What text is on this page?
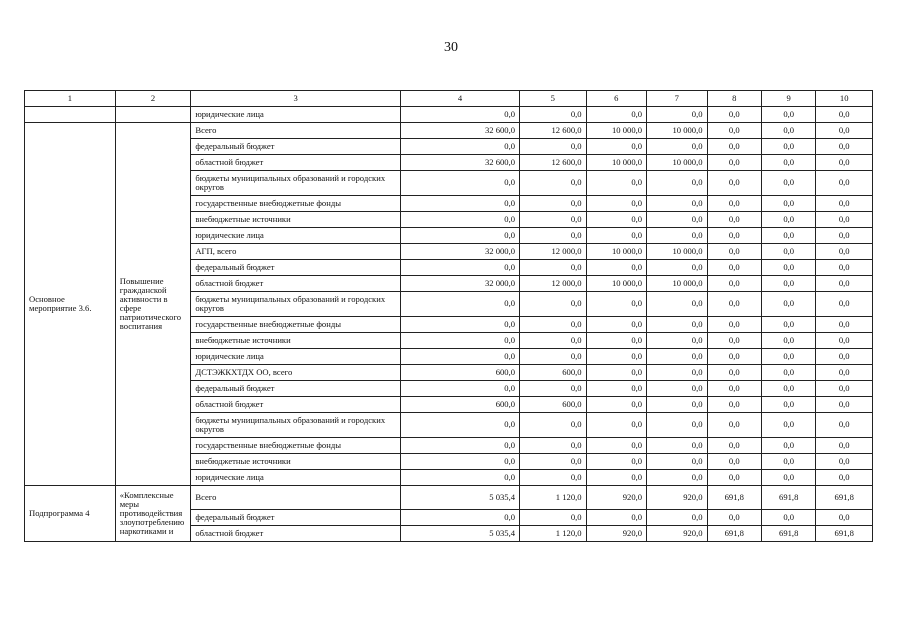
30
1	2	3	4	5	6	7	8	9	10
		юридические лица	0,0	0,0	0,0	0,0	0,0	0,0	0,0
Основное мероприятие 3.6.	Повышение гражданской активности в сфере патриотического воспитания	Всего	32 600,0	12 600,0	10 000,0	10 000,0	0,0	0,0	0,0
		федеральный бюджет	0,0	0,0	0,0	0,0	0,0	0,0	0,0
		областной бюджет	32 600,0	12 600,0	10 000,0	10 000,0	0,0	0,0	0,0
		бюджеты муниципальных образований и городских округов	0,0	0,0	0,0	0,0	0,0	0,0	0,0
		государственные внебюджетные фонды	0,0	0,0	0,0	0,0	0,0	0,0	0,0
		внебюджетные источники	0,0	0,0	0,0	0,0	0,0	0,0	0,0
		юридические лица	0,0	0,0	0,0	0,0	0,0	0,0	0,0
		АГП, всего	32 000,0	12 000,0	10 000,0	10 000,0	0,0	0,0	0,0
		федеральный бюджет	0,0	0,0	0,0	0,0	0,0	0,0	0,0
		областной бюджет	32 000,0	12 000,0	10 000,0	10 000,0	0,0	0,0	0,0
		бюджеты муниципальных образований и городских округов	0,0	0,0	0,0	0,0	0,0	0,0	0,0
		государственные внебюджетные фонды	0,0	0,0	0,0	0,0	0,0	0,0	0,0
		внебюджетные источники	0,0	0,0	0,0	0,0	0,0	0,0	0,0
		юридические лица	0,0	0,0	0,0	0,0	0,0	0,0	0,0
		ДСТЭЖКХТДХ ОО, всего	600,0	600,0	0,0	0,0	0,0	0,0	0,0
		федеральный бюджет	0,0	0,0	0,0	0,0	0,0	0,0	0,0
		областной бюджет	600,0	600,0	0,0	0,0	0,0	0,0	0,0
		бюджеты муниципальных образований и городских округов	0,0	0,0	0,0	0,0	0,0	0,0	0,0
		государственные внебюджетные фонды	0,0	0,0	0,0	0,0	0,0	0,0	0,0
		внебюджетные источники	0,0	0,0	0,0	0,0	0,0	0,0	0,0
		юридические лица	0,0	0,0	0,0	0,0	0,0	0,0	0,0
Подпрограмма 4	«Комплексные меры противодействия злоупотреблению наркотиками и	Всего	5 035,4	1 120,0	920,0	920,0	691,8	691,8	691,8
		федеральный бюджет	0,0	0,0	0,0	0,0	0,0	0,0	0,0
		областной бюджет	5 035,4	1 120,0	920,0	920,0	691,8	691,8	691,8
